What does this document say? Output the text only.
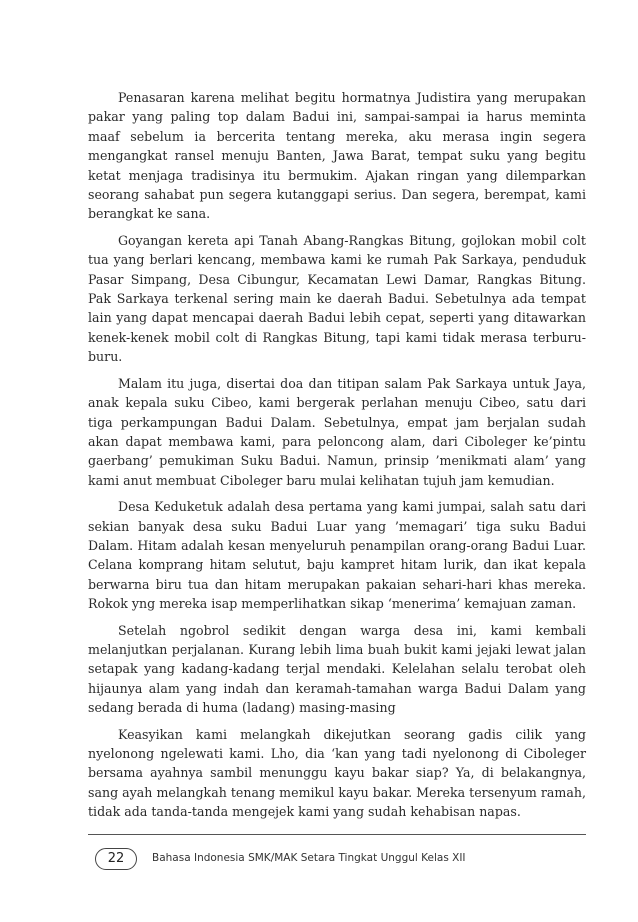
Penasaran karena melihat begitu hormatnya Judistira yang merupakan pakar yang paling top dalam Badui ini, sampai-sampai ia harus meminta maaf sebelum ia bercerita tentang mereka, aku merasa ingin segera mengangkat ransel menuju Banten, Jawa Barat, tempat suku yang begitu ketat menjaga tradisinya itu bermukim. Ajakan ringan yang dilemparkan seorang sahabat pun segera kutanggapi serius. Dan segera, berempat, kami berangkat ke sana.

Goyangan kereta api Tanah Abang-Rangkas Bitung, gojlokan mobil colt tua yang berlari kencang, membawa kami ke rumah Pak Sarkaya, penduduk Pasar Simpang, Desa Cibungur, Kecamatan Lewi Damar, Rangkas Bitung. Pak Sarkaya terkenal sering main ke daerah Badui. Sebetulnya ada tempat lain yang dapat mencapai daerah Badui lebih cepat, seperti yang ditawarkan kenek-kenek mobil colt di Rangkas Bitung, tapi kami tidak merasa terburu-buru.

Malam itu juga, disertai doa dan titipan salam Pak Sarkaya untuk Jaya, anak kepala suku Cibeo, kami bergerak perlahan menuju Cibeo, satu dari tiga perkampungan Badui Dalam. Sebetulnya, empat jam berjalan sudah akan dapat membawa kami, para peloncong alam, dari Ciboleger ke’pintu gaerbang’ pemukiman Suku Badui. Namun, prinsip ’menikmati alam’ yang kami anut membuat Ciboleger baru mulai kelihatan tujuh jam kemudian.

Desa Keduketuk adalah desa pertama yang kami jumpai, salah satu dari sekian banyak desa suku Badui Luar yang ’memagari’ tiga suku Badui Dalam. Hitam adalah kesan menyeluruh penampilan orang-orang Badui Luar. Celana komprang hitam selutut, baju kampret hitam lurik, dan ikat kepala berwarna biru tua dan hitam merupakan pakaian sehari-hari khas mereka. Rokok yng mereka isap memperlihatkan sikap ‘menerima’ kemajuan zaman.

Setelah ngobrol sedikit dengan warga desa ini, kami kembali melanjutkan perjalanan. Kurang lebih lima buah bukit kami jejaki lewat jalan setapak yang kadang-kadang terjal mendaki. Kelelahan selalu terobat oleh hijaunya alam yang indah dan keramah-tamahan warga Badui Dalam yang sedang berada di huma (ladang) masing-masing

Keasyikan kami melangkah dikejutkan seorang gadis cilik yang nyelonong ngelewati kami. Lho, dia ‘kan yang tadi nyelonong di Ciboleger bersama ayahnya sambil menunggu kayu bakar siap? Ya, di belakangnya, sang ayah melangkah tenang memikul kayu bakar. Mereka tersenyum ramah, tidak ada tanda-tanda mengejek kami yang sudah kehabisan napas.

22	Bahasa Indonesia SMK/MAK Setara Tingkat Unggul Kelas XII
